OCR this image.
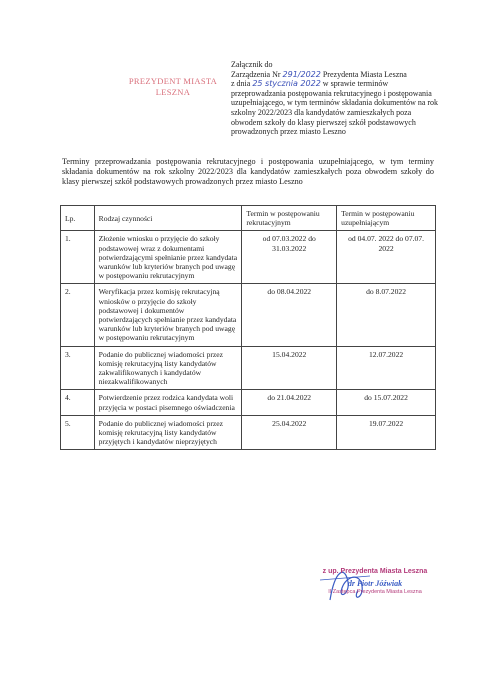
PREZYDENT MIASTA
LESZNA
Załącznik do
Zarządzenia Nr 291/2022 Prezydenta Miasta Leszna
z dnia 25 stycznia 2022 w sprawie terminów
przeprowadzania postępowania rekrutacyjnego i postępowania uzupełniającego, w tym terminów składania dokumentów na rok szkolny 2022/2023 dla kandydatów zamieszkałych poza obwodem szkoły do klasy pierwszej szkół podstawowych prowadzonych przez miasto Leszno
Terminy przeprowadzania postępowania rekrutacyjnego i postępowania uzupełniającego, w tym terminy składania dokumentów na rok szkolny 2022/2023 dla kandydatów zamieszkałych poza obwodem szkoły do klasy pierwszej szkół podstawowych prowadzonych przez miasto Leszno
Lp.	Rodzaj czynności	Termin w postępowaniu rekrutacyjnym	Termin w postępowaniu uzupełniającym
1.	Złożenie wniosku o przyjęcie do szkoły podstawowej wraz z dokumentami potwierdzającymi spełnianie przez kandydata warunków lub kryteriów branych pod uwagę w postępowaniu rekrutacyjnym	od 07.03.2022 do 31.03.2022	od 04.07. 2022 do 07.07. 2022
2.	Weryfikacja przez komisję rekrutacyjną wniosków o przyjęcie do szkoły podstawowej i dokumentów potwierdzających spełnianie przez kandydata warunków lub kryteriów branych pod uwagę w postępowaniu rekrutacyjnym	do 08.04.2022	do 8.07.2022
3.	Podanie do publicznej wiadomości przez komisję rekrutacyjną listy kandydatów zakwalifikowanych i kandydatów niezakwalifikowanych	15.04.2022	12.07.2022
4.	Potwierdzenie przez rodzica kandydata woli przyjęcia w postaci pisemnego oświadczenia	do 21.04.2022	do 15.07.2022
5.	Podanie do publicznej wiadomości przez komisję rekrutacyjną listy kandydatów przyjętych i kandydatów nieprzyjętych	25.04.2022	19.07.2022
z up. Prezydenta Miasta Leszna
dr Piotr Jóźwiak
II Zastępca Prezydenta Miasta Leszna
